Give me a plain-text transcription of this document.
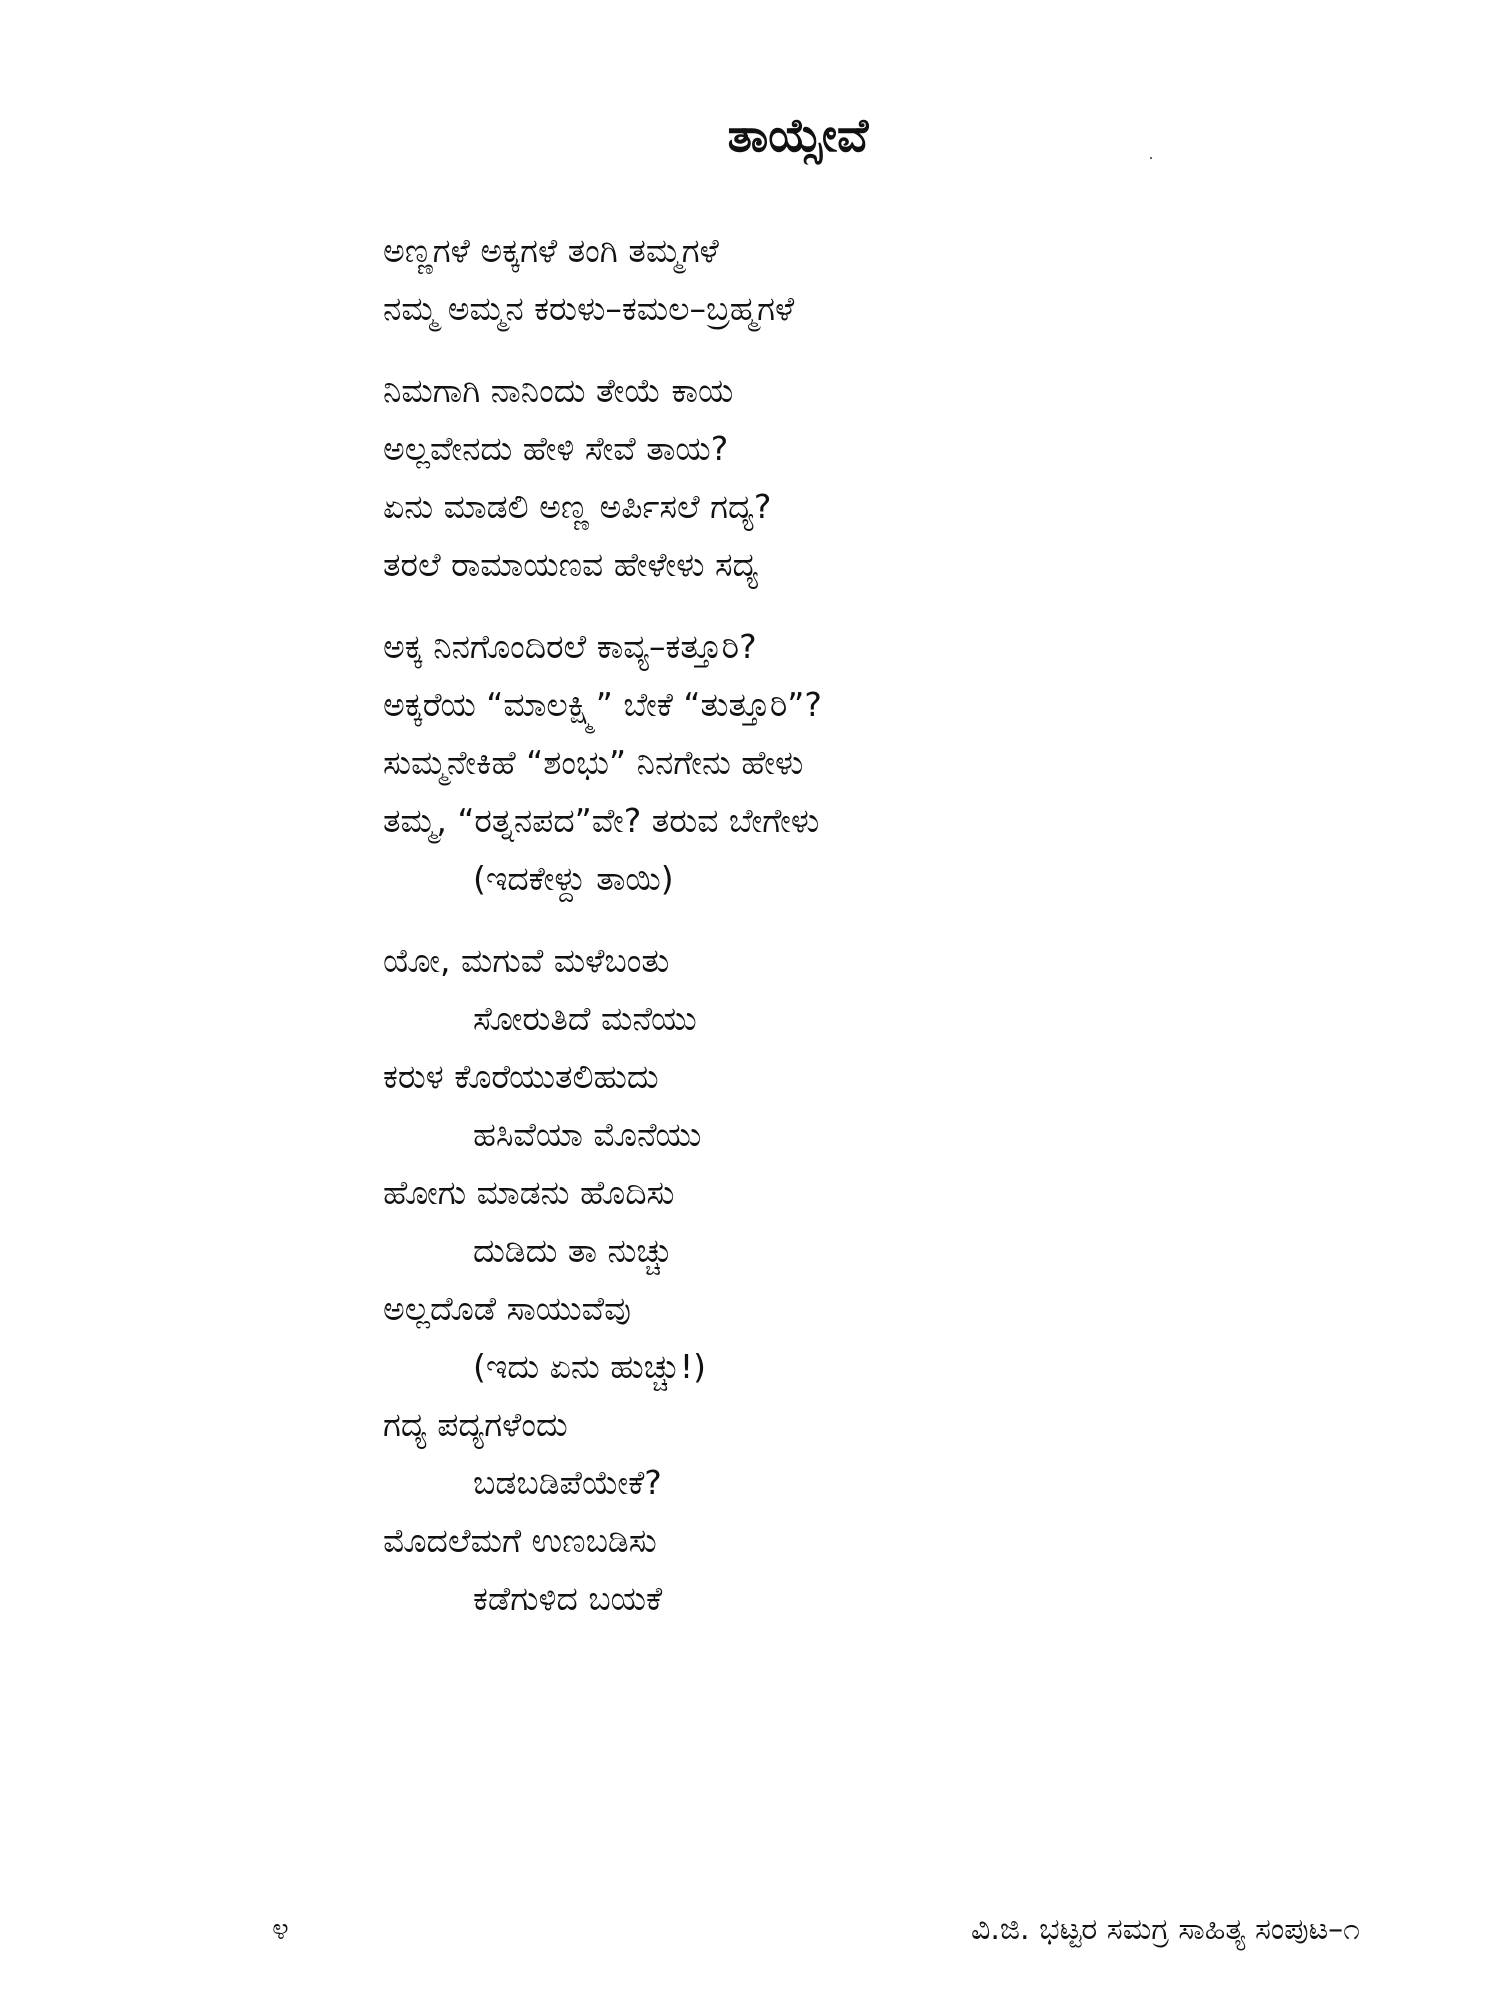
ತಾಯ್ಸೇವೆ
ಅಣ್ಣಗಳೆ ಅಕ್ಕಗಳೆ ತಂಗಿ ತಮ್ಮಗಳೆ
ನಮ್ಮ ಅಮ್ಮನ ಕರುಳು–ಕಮಲ–ಬ್ರಹ್ಮಗಳೆ
ನಿಮಗಾಗಿ ನಾನಿಂದು ತೇಯೆ ಕಾಯ
ಅಲ್ಲವೇನದು ಹೇಳಿ ಸೇವೆ ತಾಯ?
ಏನು ಮಾಡಲಿ ಅಣ್ಣ ಅರ್ಪಿಸಲೆ ಗದ್ಯ?
ತರಲೆ ರಾಮಾಯಣವ ಹೇಳೇಳು ಸದ್ಯ
ಅಕ್ಕ ನಿನಗೊಂದಿರಲೆ ಕಾವ್ಯ–ಕತ್ತೂರಿ?
ಅಕ್ಕರೆಯ “ಮಾಲಕ್ಷ್ಮಿ” ಬೇಕೆ “ತುತ್ತೂರಿ”?
ಸುಮ್ಮನೇಕಿಹೆ “ಶಂಭು” ನಿನಗೇನು ಹೇಳು
ತಮ್ಮ, “ರತ್ನನಪದ”ವೇ? ತರುವ ಬೇಗೇಳು
(ಇದಕೇಳ್ದು ತಾಯಿ)
ಯೋ, ಮಗುವೆ ಮಳೆಬಂತು
ಸೋರುತಿದೆ ಮನೆಯು
ಕರುಳ ಕೊರೆಯುತಲಿಹುದು
ಹಸಿವೆಯಾ ಮೊನೆಯು
ಹೋಗು ಮಾಡನು ಹೊದಿಸು
ದುಡಿದು ತಾ ನುಚ್ಚು
ಅಲ್ಲದೊಡೆ ಸಾಯುವೆವು
(ಇದು ಏನು ಹುಚ್ಚು!)
ಗದ್ಯ ಪದ್ಯಗಳೆಂದು
ಬಡಬಡಿಪೆಯೇಕೆ?
ಮೊದಲೆಮಗೆ ಉಣಬಡಿಸು
ಕಡೆಗುಳಿದ ಬಯಕೆ
೪	ವಿ.ಜಿ. ಭಟ್ಟರ ಸಮಗ್ರ ಸಾಹಿತ್ಯ ಸಂಪುಟ–೧
